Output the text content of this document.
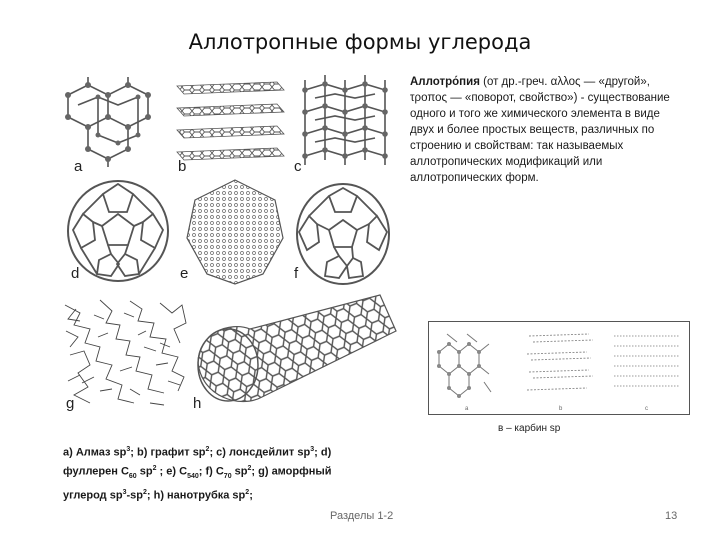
Аллотропные формы углерода
a	b	c
d	e	f
g	h
Аллотро́пия (от др.-греч. αλλος — «другой», τροπος — «поворот, свойство») - существование одного и того же химического элемента в виде двух и более простых веществ, различных по строению и свойствам: так называемых аллотропических модификаций или аллотропических форм.
a	b	c
в – карбин sp
a) Алмаз $sp^3$; b) графит $sp^2$; c) лонсдейлит $sp^3$; d) фуллерен $C_{60}$ $sp^2$ ; e) $C_{540}$; f) $C_{70}$ $sp^2$; g) аморфный углерод $sp^3-sp^2$; h) нанотрубка $sp^2$;
Разделы 1-2	13
